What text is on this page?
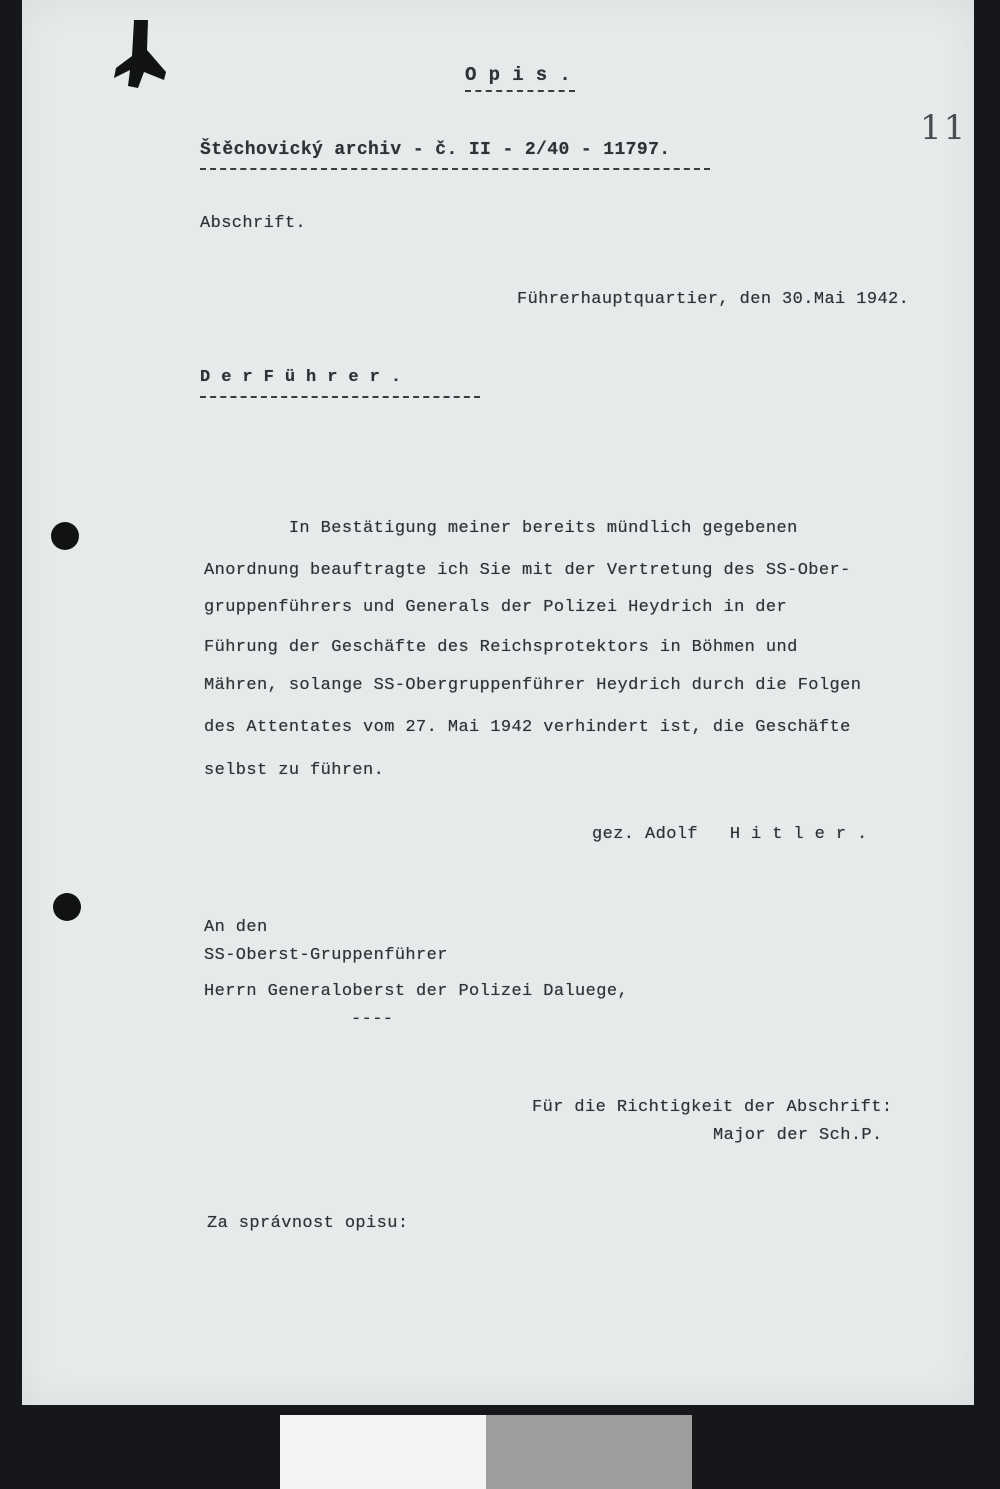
11
O p i s .
Štěchovický archiv - č. II - 2/40 - 11797.
Abschrift.
Führerhauptquartier, den 30.Mai 1942.
D e r F ü h r e r .
In Bestätigung meiner bereits mündlich gegebenen
Anordnung beauftragte ich Sie mit der Vertretung des SS-Ober-
gruppenführers und Generals der Polizei Heydrich in der
Führung der Geschäfte des Reichsprotektors in Böhmen und
Mähren, solange SS-Obergruppenführer Heydrich durch die Folgen
des Attentates vom 27. Mai 1942 verhindert ist, die Geschäfte
selbst zu führen.
gez. Adolf   H i t l e r .
An den
SS-Oberst-Gruppenführer
Herrn Generaloberst der Polizei Daluege,
----
Für die Richtigkeit der Abschrift:
Major der Sch.P.
Za správnost opisu:
